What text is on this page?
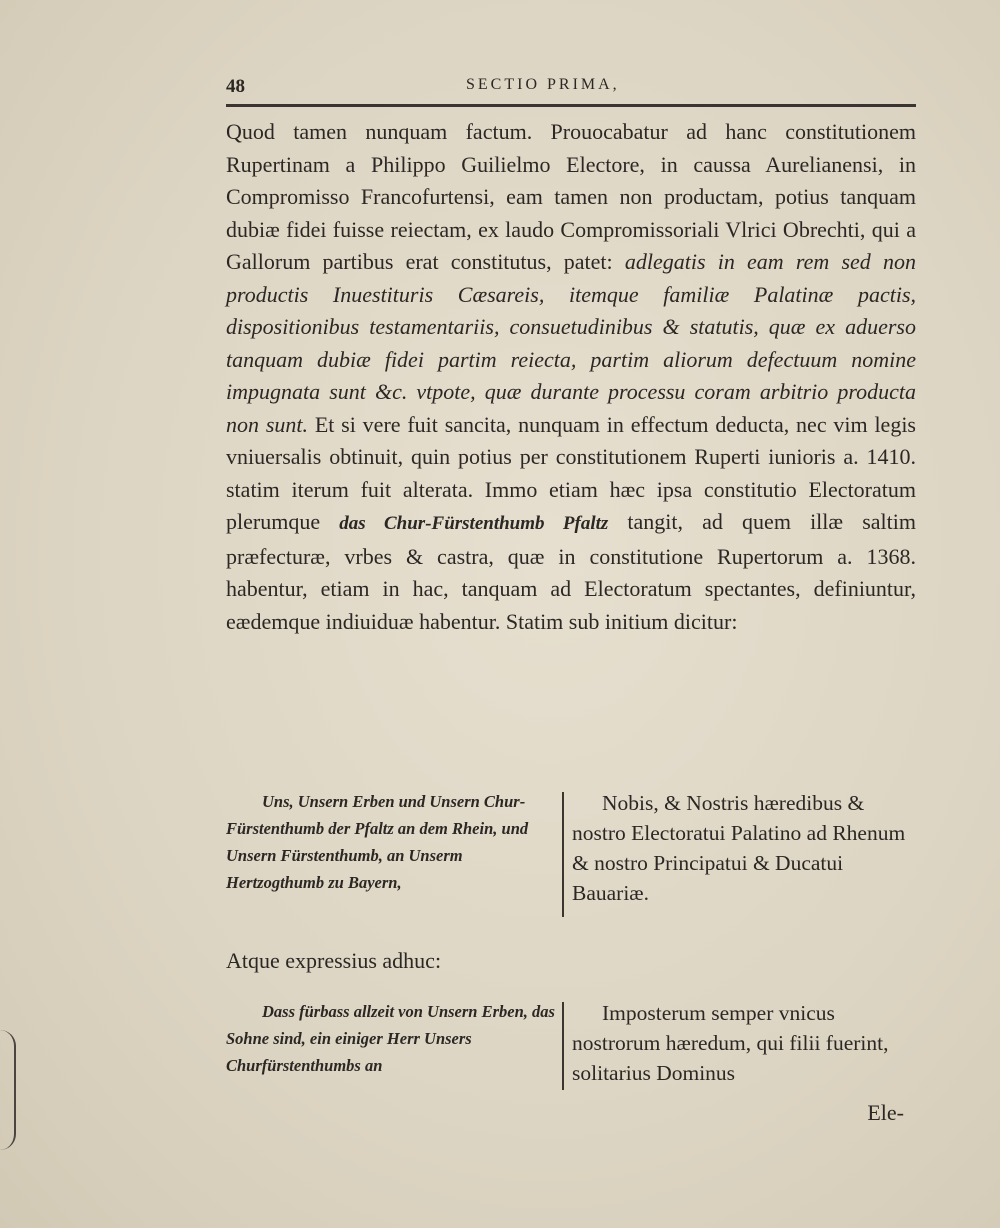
48	SECTIO PRIMA,

Quod tamen nunquam factum. Prouocabatur ad hanc constitutionem Rupertinam a Philippo Guilielmo Electore, in caussa Aurelianensi, in Compromisso Francofurtensi, eam tamen non productam, potius tanquam dubiæ fidei fuisse reiectam, ex laudo Compromissoriali Vlrici Obrechti, qui a Gallorum partibus erat constitutus, patet: adlegatis in eam rem sed non productis Inuestituris Cæsareis, itemque familiæ Palatinæ pactis, dispositionibus testamentariis, consuetudinibus & statutis, quæ ex aduerso tanquam dubiæ fidei partim reiecta, partim aliorum defectuum nomine impugnata sunt &c. vtpote, quæ durante processu coram arbitrio producta non sunt. Et si vere fuit sancita, nunquam in effectum deducta, nec vim legis vniuersalis obtinuit, quin potius per constitutionem Ruperti iunioris a. 1410. statim iterum fuit alterata. Immo etiam hæc ipsa constitutio Electoratum plerumque das Chur-Fürstenthumb Pfaltz tangit, ad quem illæ saltim præfecturæ, vrbes & castra, quæ in constitutione Rupertorum a. 1368. habentur, etiam in hac, tanquam ad Electoratum spectantes, definiuntur, eædemque indiuiduæ habentur. Statim sub initium dicitur:

Uns, Unsern Erben und Unsern Chur-Fürstenthumb der Pfaltz an dem Rhein, und Unsern Fürstenthumb, an Unserm Hertzogthumb zu Bayern,

Nobis, & Nostris hæredibus & nostro Electoratui Palatino ad Rhenum & nostro Principatui & Ducatui Bauariæ.

Atque expressius adhuc:

Dass fürbass allzeit von Unsern Erben, das Sohne sind, ein einiger Herr Unsers Churfürstenthumbs an

Imposterum semper vnicus nostrorum hæredum, qui filii fuerint, solitarius Dominus

Ele-
